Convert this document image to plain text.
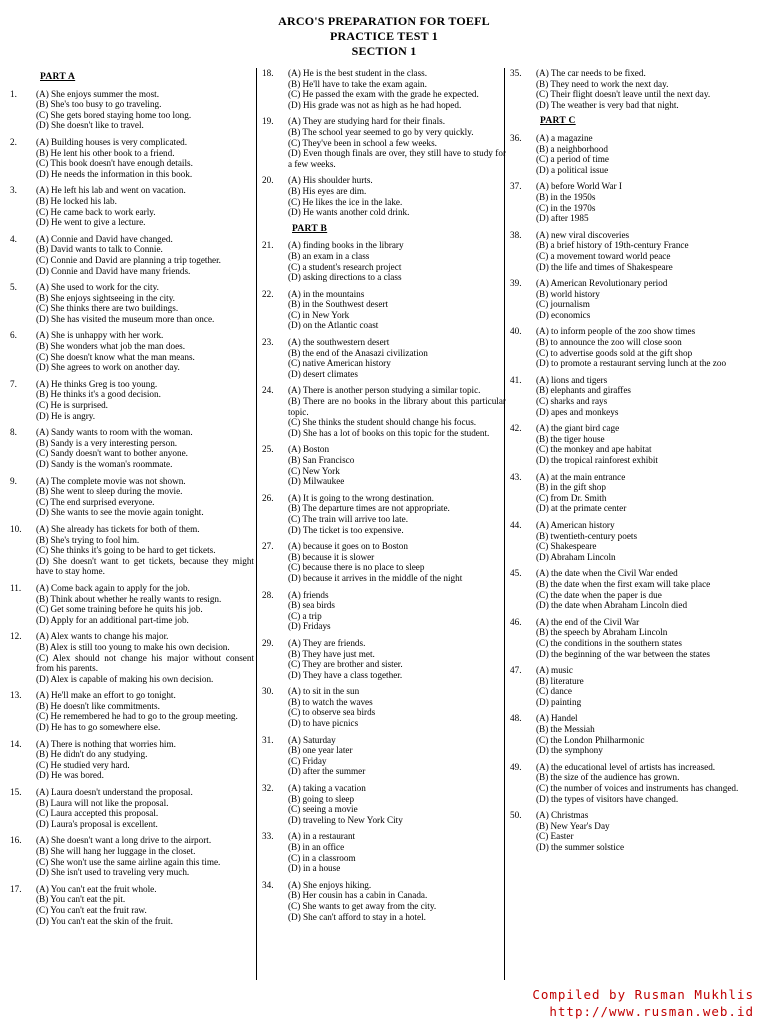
ARCO'S PREPARATION FOR TOEFL
PRACTICE TEST 1
SECTION 1
PART A
1.	(A) She enjoys summer the most.
(B) She's too busy to go traveling.
(C) She gets bored staying home too long.
(D) She doesn't like to travel.
2.	(A) Building houses is very complicated.
(B) He lent his other book to a friend.
(C) This book doesn't have enough details.
(D) He needs the information in this book.
3.	(A) He left his lab and went on vacation.
(B) He locked his lab.
(C) He came back to work early.
(D) He went to give a lecture.
4.	(A) Connie and David have changed.
(B) David wants to talk to Connie.
(C) Connie and David are planning a trip together.
(D) Connie and David have many friends.
5.	(A) She used to work for the city.
(B) She enjoys sightseeing in the city.
(C) She thinks there are two buildings.
(D) She has visited the museum more than once.
6.	(A) She is unhappy with her work.
(B) She wonders what job the man does.
(C) She doesn't know what the man means.
(D) She agrees to work on another day.
7.	(A) He thinks Greg is too young.
(B) He thinks it's a good decision.
(C) He is surprised.
(D) He is angry.
8.	(A) Sandy wants to room with the woman.
(B) Sandy is a very interesting person.
(C) Sandy doesn't want to bother anyone.
(D) Sandy is the woman's roommate.
9.	(A) The complete movie was not shown.
(B) She went to sleep during the movie.
(C) The end surprised everyone.
(D) She wants to see the movie again tonight.
10.	(A) She already has tickets for both of them.
(B) She's trying to fool him.
(C) She thinks it's going to be hard to get tickets.
(D) She doesn't want to get tickets, because they might have to stay home.
11.	(A) Come back again to apply for the job.
(B) Think about whether he really wants to resign.
(C) Get some training before he quits his job.
(D) Apply for an additional part-time job.
12.	(A) Alex wants to change his major.
(B) Alex is still too young to make his own decision.
(C) Alex should not change his major without consent from his parents.
(D) Alex is capable of making his own decision.
13.	(A) He'll make an effort to go tonight.
(B) He doesn't like commitments.
(C) He remembered he had to go to the group meeting.
(D) He has to go somewhere else.
14.	(A) There is nothing that worries him.
(B) He didn't do any studying.
(C) He studied very hard.
(D) He was bored.
15.	(A) Laura doesn't understand the proposal.
(B) Laura will not like the proposal.
(C) Laura accepted this proposal.
(D) Laura's proposal is excellent.
16.	(A) She doesn't want a long drive to the airport.
(B) She will hang her luggage in the closet.
(C) She won't use the same airline again this time.
(D) She isn't used to traveling very much.
17.	(A) You can't eat the fruit whole.
(B) You can't eat the pit.
(C) You can't eat the fruit raw.
(D) You can't eat the skin of the fruit.
18.	(A) He is the best student in the class.
(B) He'll have to take the exam again.
(C) He passed the exam with the grade he expected.
(D) His grade was not as high as he had hoped.
19.	(A) They are studying hard for their finals.
(B) The school year seemed to go by very quickly.
(C) They've been in school a few weeks.
(D) Even though finals are over, they still have to study for a few weeks.
20.	(A) His shoulder hurts.
(B) His eyes are dim.
(C) He likes the ice in the lake.
(D) He wants another cold drink.
PART B
21.	(A) finding books in the library
(B) an exam in a class
(C) a student's research project
(D) asking directions to a class
22.	(A) in the mountains
(B) in the Southwest desert
(C) in New York
(D) on the Atlantic coast
23.	(A) the southwestern desert
(B) the end of the Anasazi civilization
(C) native American history
(D) desert climates
24.	(A) There is another person studying a similar topic.
(B) There are no books in the library about this particular topic.
(C) She thinks the student should change his focus.
(D) She has a lot of books on this topic for the student.
25.	(A) Boston
(B) San Francisco
(C) New York
(D) Milwaukee
26.	(A) It is going to the wrong destination.
(B) The departure times are not appropriate.
(C) The train will arrive too late.
(D) The ticket is too expensive.
27.	(A) because it goes on to Boston
(B) because it is slower
(C) because there is no place to sleep
(D) because it arrives in the middle of the night
28.	(A) friends
(B) sea birds
(C) a trip
(D) Fridays
29.	(A) They are friends.
(B) They have just met.
(C) They are brother and sister.
(D) They have a class together.
30.	(A) to sit in the sun
(B) to watch the waves
(C) to observe sea birds
(D) to have picnics
31.	(A) Saturday
(B) one year later
(C) Friday
(D) after the summer
32.	(A) taking a vacation
(B) going to sleep
(C) seeing a movie
(D) traveling to New York City
33.	(A) in a restaurant
(B) in an office
(C) in a classroom
(D) in a house
34.	(A) She enjoys hiking.
(B) Her cousin has a cabin in Canada.
(C) She wants to get away from the city.
(D) She can't afford to stay in a hotel.
35.	(A) The car needs to be fixed.
(B) They need to work the next day.
(C) Their flight doesn't leave until the next day.
(D) The weather is very bad that night.
PART C
36.	(A) a magazine
(B) a neighborhood
(C) a period of time
(D) a political issue
37.	(A) before World War I
(B) in the 1950s
(C) in the 1970s
(D) after 1985
38.	(A) new viral discoveries
(B) a brief history of 19th-century France
(C) a movement toward world peace
(D) the life and times of Shakespeare
39.	(A) American Revolutionary period
(B) world history
(C) journalism
(D) economics
40.	(A) to inform people of the zoo show times
(B) to announce the zoo will close soon
(C) to advertise goods sold at the gift shop
(D) to promote a restaurant serving lunch at the zoo
41.	(A) lions and tigers
(B) elephants and giraffes
(C) sharks and rays
(D) apes and monkeys
42.	(A) the giant bird cage
(B) the tiger house
(C) the monkey and ape habitat
(D) the tropical rainforest exhibit
43.	(A) at the main entrance
(B) in the gift shop
(C) from Dr. Smith
(D) at the primate center
44.	(A) American history
(B) twentieth-century poets
(C) Shakespeare
(D) Abraham Lincoln
45.	(A) the date when the Civil War ended
(B) the date when the first exam will take place
(C) the date when the paper is due
(D) the date when Abraham Lincoln died
46.	(A) the end of the Civil War
(B) the speech by Abraham Lincoln
(C) the conditions in the southern states
(D) the beginning of the war between the states
47.	(A) music
(B) literature
(C) dance
(D) painting
48.	(A) Handel
(B) the Messiah
(C) the London Philharmonic
(D) the symphony
49.	(A) the educational level of artists has increased.
(B) the size of the audience has grown.
(C) the number of voices and instruments has changed.
(D) the types of visitors have changed.
50.	(A) Christmas
(B) New Year's Day
(C) Easter
(D) the summer solstice
Compiled by Rusman Mukhlis
http://www.rusman.web.id
